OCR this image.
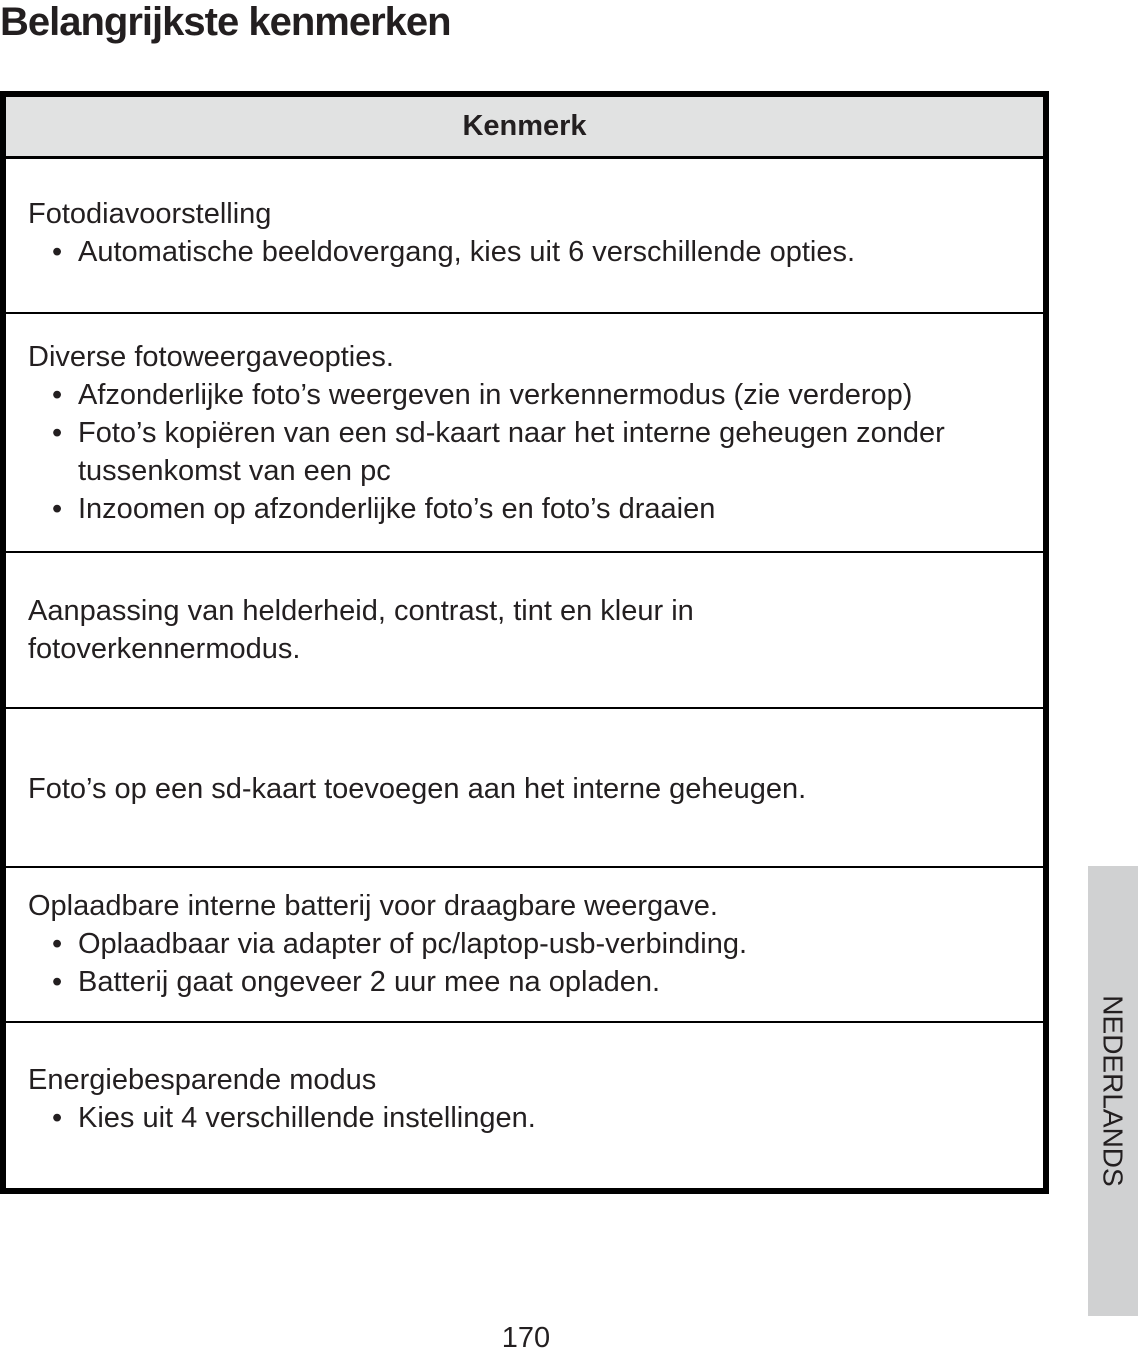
Belangrijkste kenmerken
Kenmerk
Fotodiavoorstelling
• Automatische beeldovergang, kies uit 6 verschillende opties.
Diverse fotoweergaveopties.
• Afzonderlijke foto’s weergeven in verkennermodus (zie verderop)
• Foto’s kopiëren van een sd-kaart naar het interne geheugen zonder tussenkomst van een pc
• Inzoomen op afzonderlijke foto’s en foto’s draaien
Aanpassing van helderheid, contrast, tint en kleur in fotoverkennermodus.
Foto’s op een sd-kaart toevoegen aan het interne geheugen.
Oplaadbare interne batterij voor draagbare weergave.
• Oplaadbaar via adapter of pc/laptop-usb-verbinding.
• Batterij gaat ongeveer 2 uur mee na opladen.
Energiebesparende modus
• Kies uit 4 verschillende instellingen.	NEDERLANDS
170
